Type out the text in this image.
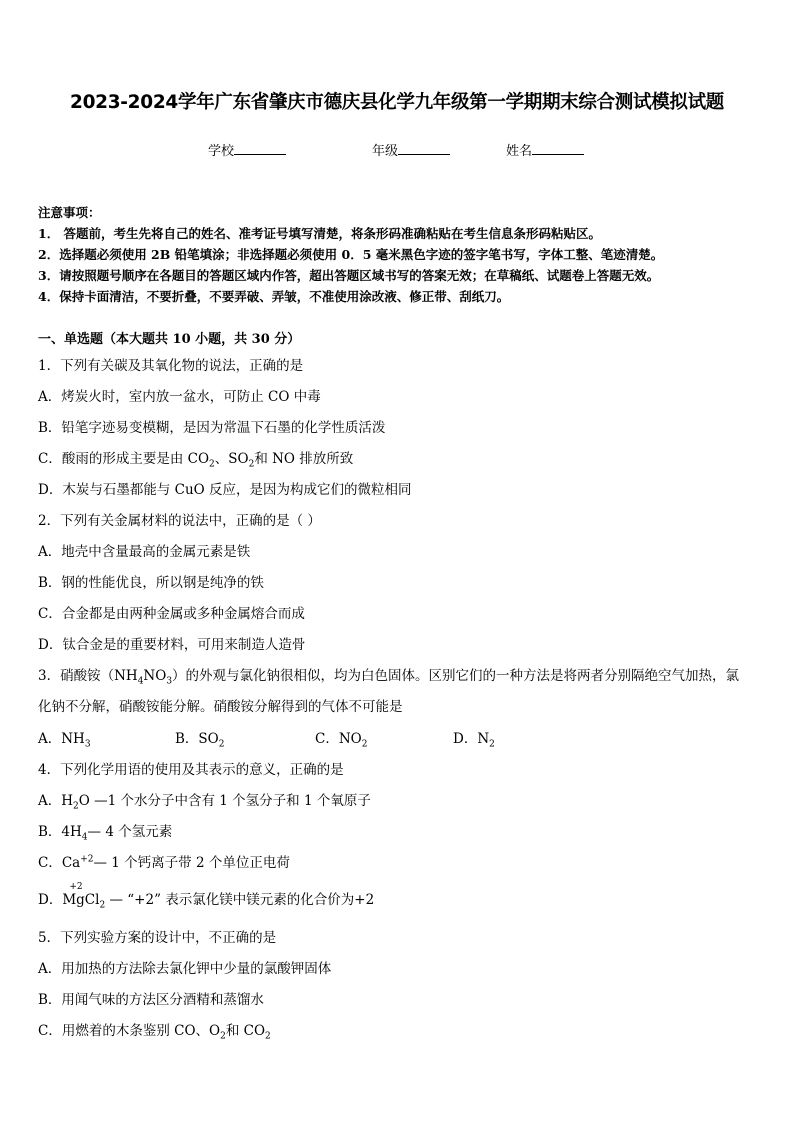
2023-2024学年广东省肇庆市德庆县化学九年级第一学期期末综合测试模拟试题
学校	年级	姓名
注意事项：
1． 答题前，考生先将自己的姓名、准考证号填写清楚，将条形码准确粘贴在考生信息条形码粘贴区。
2．选择题必须使用 2B 铅笔填涂；非选择题必须使用 0．5 毫米黑色字迹的签字笔书写，字体工整、笔迹清楚。
3．请按照题号顺序在各题目的答题区域内作答，超出答题区域书写的答案无效；在草稿纸、试题卷上答题无效。
4．保持卡面清洁，不要折叠，不要弄破、弄皱，不准使用涂改液、修正带、刮纸刀。
一、单选题（本大题共 10 小题，共 30 分）
1．下列有关碳及其氧化物的说法，正确的是
A．烤炭火时，室内放一盆水，可防止 CO 中毒
B．铅笔字迹易变模糊，是因为常温下石墨的化学性质活泼
C．酸雨的形成主要是由 $CO_2$、$SO_2$和 NO 排放所致
D．木炭与石墨都能与 CuO 反应，是因为构成它们的微粒相同
2．下列有关金属材料的说法中，正确的是（ ）
A．地壳中含量最高的金属元素是铁
B．钢的性能优良，所以钢是纯净的铁
C．合金都是由两种金属或多种金属熔合而成
D．钛合金是的重要材料，可用来制造人造骨
3．硝酸铵$(NH_4NO_3)$的外观与氯化钠很相似，均为白色固体。区别它们的一种方法是将两者分别隔绝空气加热，氯
化钠不分解，硝酸铵能分解。硝酸铵分解得到的气体不可能是
A．$NH_3$	B．$SO_2$	C．$NO_2$	D．$N_2$
4．下列化学用语的使用及其表示的意义，正确的是
A．$H_2O$ —1 个水分子中含有 1 个氢分子和 1 个氧原子
B．$4H_4—$ 4 个氢元素
C．$Ca^{+2}—$ 1 个钙离子带 2 个单位正电荷
D．
+2
MgCl$_2$ — “+2” 表示氯化镁中镁元素的化合价为+2
5．下列实验方案的设计中，不正确的是
A．用加热的方法除去氯化钾中少量的氯酸钾固体
B．用闻气味的方法区分酒精和蒸馏水
C．用燃着的木条鉴别 CO、$O_2$和 $CO_2$
